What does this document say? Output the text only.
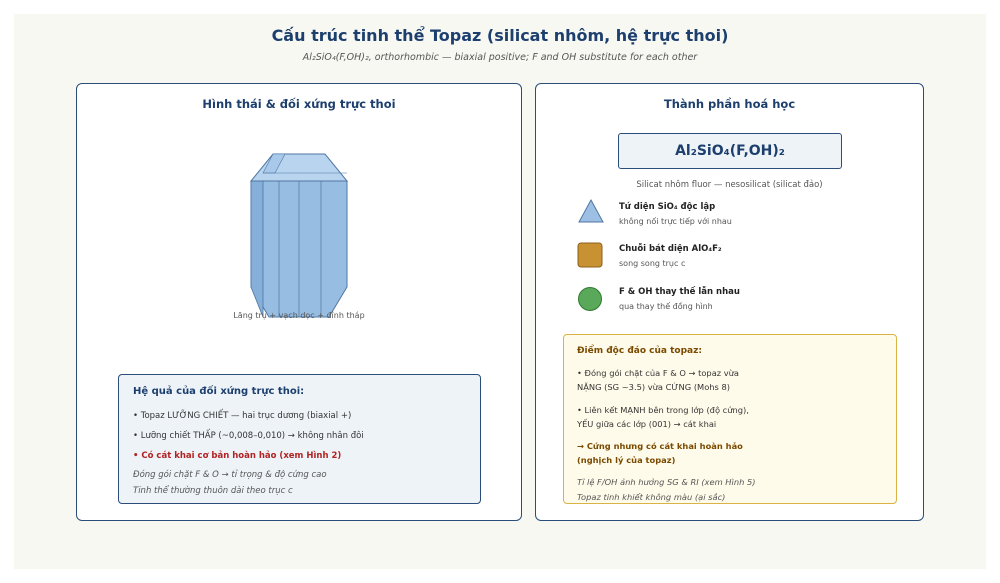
Cấu trúc tinh thể Topaz (silicat nhôm, hệ trực thoi)
Al₂SiO₄(F,OH)₂, orthorhombic — biaxial positive; F and OH substitute for each other
Hình thái & đối xứng trực thoi
Lăng trụ + vạch dọc + đỉnh tháp
Hệ quả của đối xứng trực thoi:
• Topaz LƯỠNG CHIẾT — hai trục dương (biaxial +)
• Lưỡng chiết THẤP (~0,008–0,010) → không nhân đôi
• Có cát khai cơ bản hoàn hảo (xem Hình 2)
Đóng gói chặt F & O → tỉ trọng & độ cứng cao
Tinh thể thường thuôn dài theo trục c
Thành phần hoá học
Al₂SiO₄(F,OH)₂
Silicat nhôm fluor — nesosilicat (silicat đảo)
Tứ diện SiO₄ độc lập
không nối trực tiếp với nhau
Chuỗi bát diện AlO₄F₂
song song trục c
F & OH thay thế lẫn nhau
qua thay thế đồng hình
Điểm độc đáo của topaz:
• Đóng gói chặt của F & O → topaz vừa
NẶNG (SG ~3.5) vừa CỨNG (Mohs 8)
• Liên kết MẠNH bên trong lớp (độ cứng),
YẾU giữa các lớp (001) → cát khai
→ Cứng nhưng có cát khai hoàn hảo
(nghịch lý của topaz)
Tỉ lệ F/OH ảnh hưởng SG & RI (xem Hình 5)
Topaz tinh khiết không màu (ại sắc)
